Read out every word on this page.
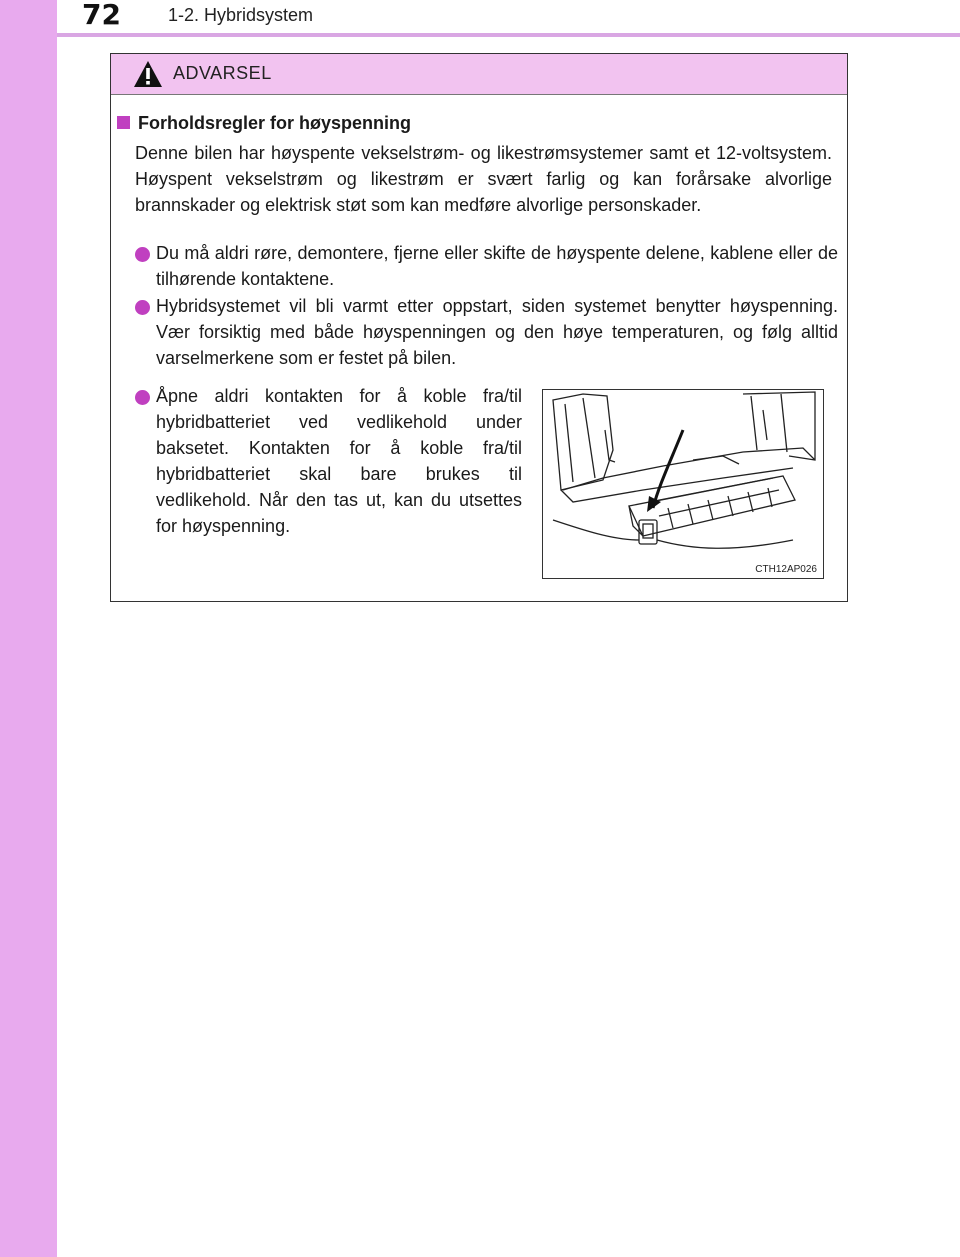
72	1-2. Hybridsystem
ADVARSEL
Forholdsregler for høyspenning
Denne bilen har høyspente vekselstrøm- og likestrømsystemer samt et 12-voltsystem. Høyspent vekselstrøm og likestrøm er svært farlig og kan forårsake alvorlige brannskader og elektrisk støt som kan medføre alvorlige personskader.
Du må aldri røre, demontere, fjerne eller skifte de høyspente delene, kablene eller de tilhørende kontaktene.
Hybridsystemet vil bli varmt etter oppstart, siden systemet benytter høyspenning. Vær forsiktig med både høyspenningen og den høye temperaturen, og følg alltid varselmerkene som er festet på bilen.
Åpne aldri kontakten for å koble fra/til hybridbatteriet ved vedlikehold under baksetet. Kontakten for å koble fra/til hybridbatteriet skal bare brukes til vedlikehold. Når den tas ut, kan du utsettes for høyspenning.
CTH12AP026
